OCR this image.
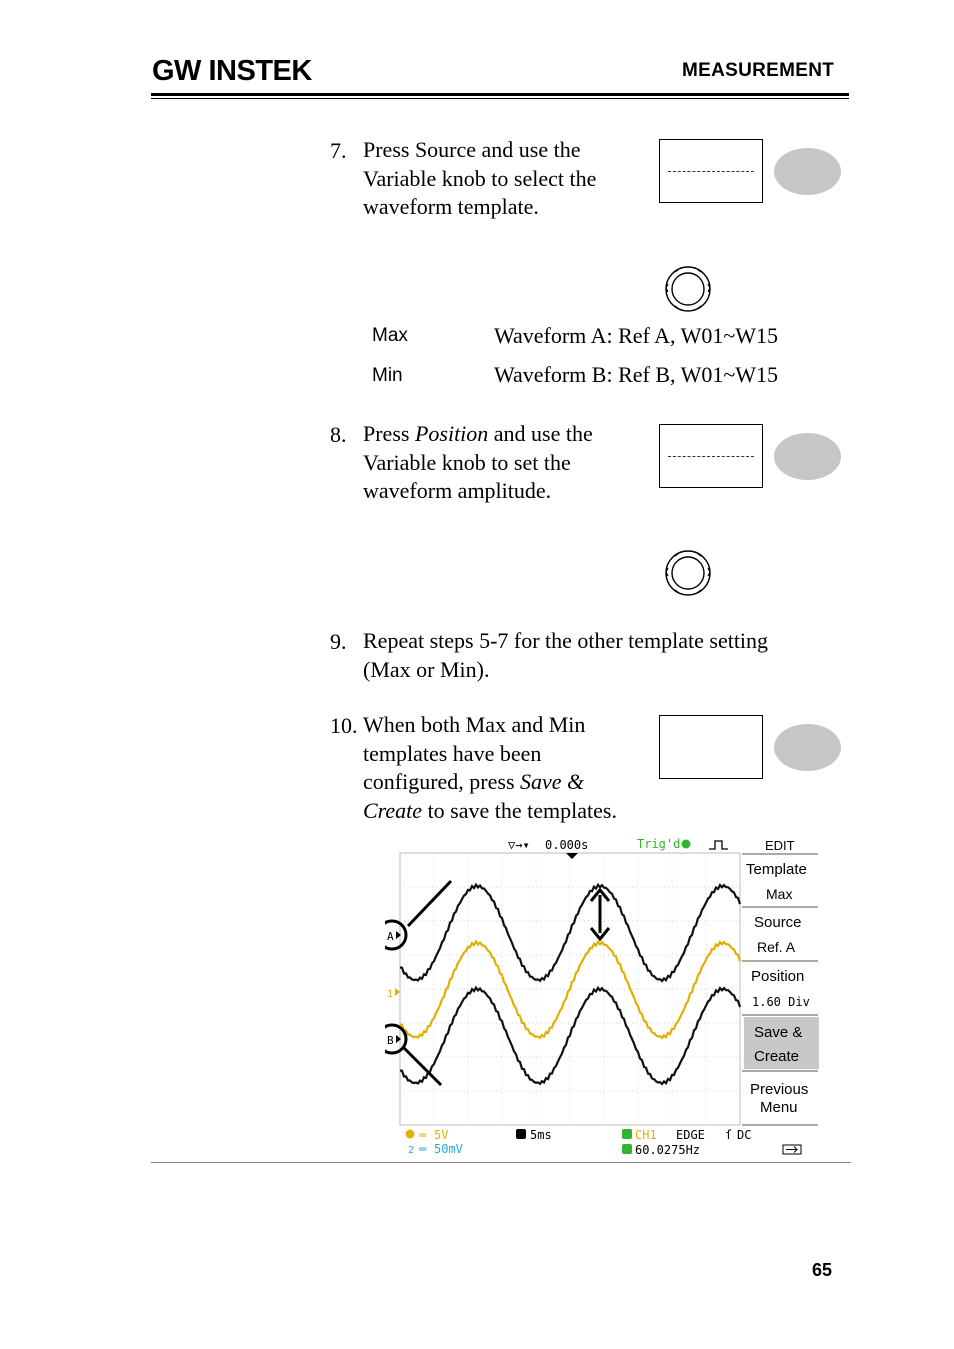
GW INSTEK	MEASUREMENT
7. Press Source and use the
Variable knob to select the
waveform template.
Max	Waveform A: Ref A, W01~W15
Min	Waveform B: Ref B, W01~W15
8. Press Position and use the
Variable knob to set the
waveform amplitude.
9. Repeat steps 5-7 for the other template setting
(Max or Min).
10. When both Max and Min
templates have been
configured, press Save &
Create to save the templates.
▽→▾ 0.000s	Trig'd
A
B
1
EDIT
Template
Max
Source
Ref. A
Position
1.60 Div
Save &
Create
Previous
Menu
═ 5V
2 ═ 50mV
5ms	CH1 EDGE ſ DC
60.0275Hz
65
